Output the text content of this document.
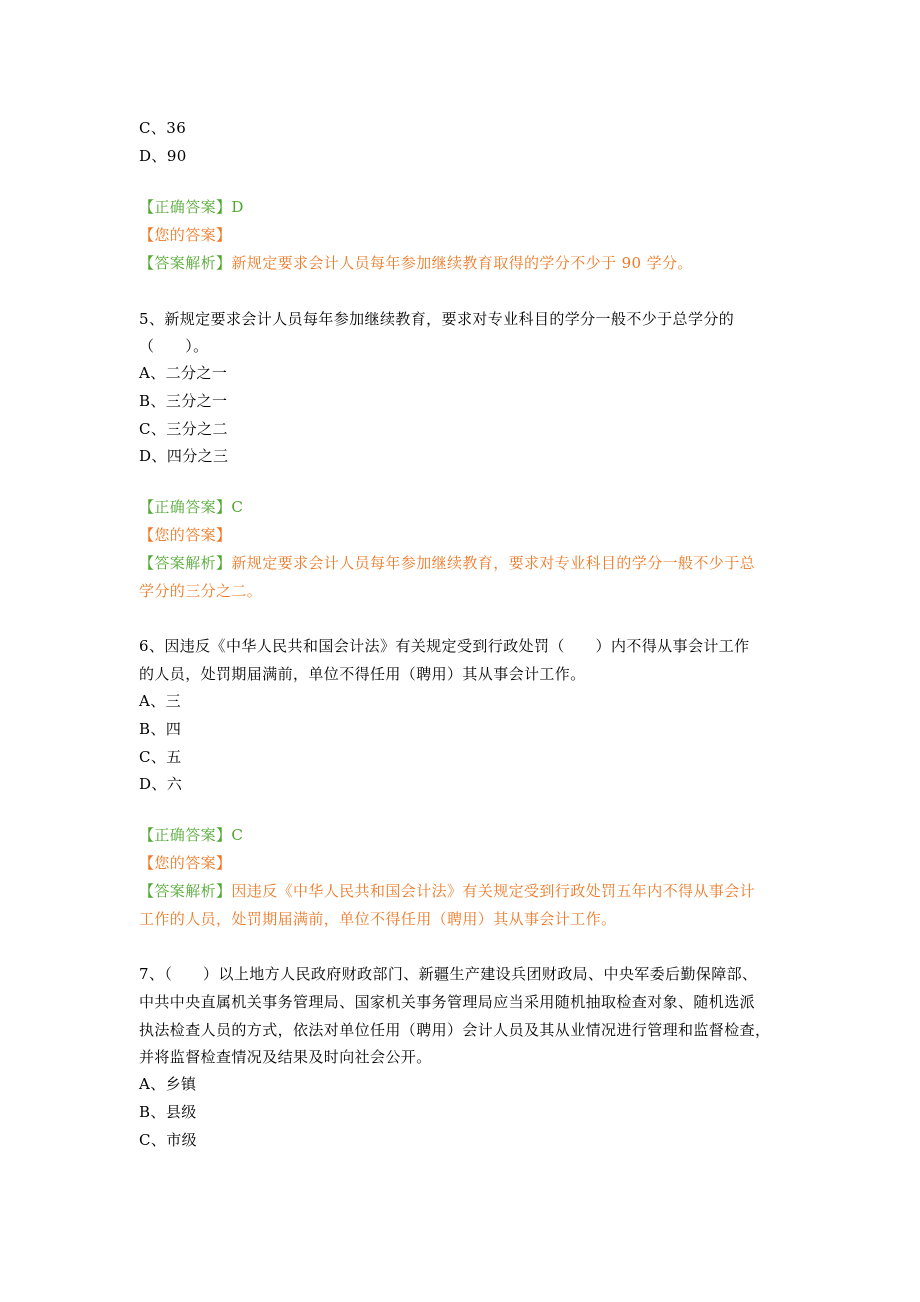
C、36
D、90
【正确答案】D
【您的答案】
【答案解析】新规定要求会计人员每年参加继续教育取得的学分不少于 90 学分。
5、新规定要求会计人员每年参加继续教育，要求对专业科目的学分一般不少于总学分的
（　　）。
A、二分之一
B、三分之一
C、三分之二
D、四分之三
【正确答案】C
【您的答案】
【答案解析】新规定要求会计人员每年参加继续教育，要求对专业科目的学分一般不少于总
学分的三分之二。
6、因违反《中华人民共和国会计法》有关规定受到行政处罚（　　）内不得从事会计工作
的人员，处罚期届满前，单位不得任用（聘用）其从事会计工作。
A、三
B、四
C、五
D、六
【正确答案】C
【您的答案】
【答案解析】因违反《中华人民共和国会计法》有关规定受到行政处罚五年内不得从事会计
工作的人员，处罚期届满前，单位不得任用（聘用）其从事会计工作。
7、（　　）以上地方人民政府财政部门、新疆生产建设兵团财政局、中央军委后勤保障部、
中共中央直属机关事务管理局、国家机关事务管理局应当采用随机抽取检查对象、随机选派
执法检查人员的方式，依法对单位任用（聘用）会计人员及其从业情况进行管理和监督检查，
并将监督检查情况及结果及时向社会公开。
A、乡镇
B、县级
C、市级
